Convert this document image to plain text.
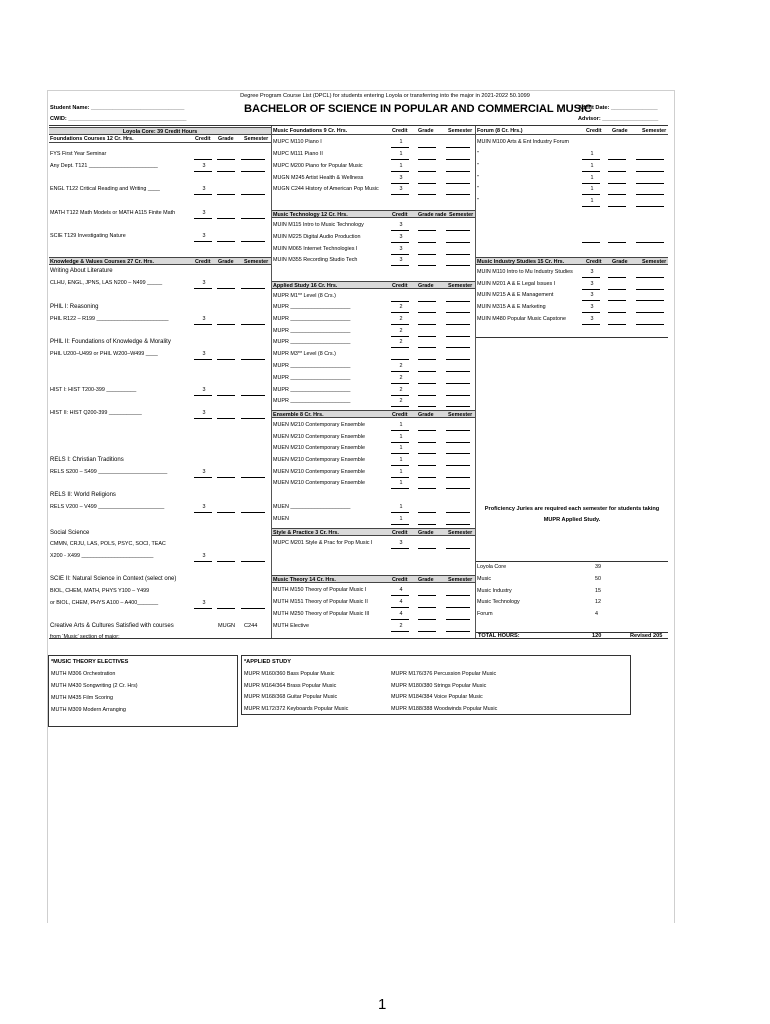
Degree Program Course List (DPCL) for students entering Loyola or transferring into the major in 2021-2022 50.1099
Student Name: ______________________________
CWID: ______________________________________
BACHELOR OF SCIENCE IN POPULAR AND COMMERCIAL MUSIC
Admit Date: _______________
Advisor: __________________
Loyola Core: 39 Credit Hours
Foundations Courses 12 Cr. Hrs.	Credit Grade Semester
Knowledge & Values Courses 27 Cr. Hrs.	Credit Grade Semester
FYS First Year Seminar
Any Dept. T121 _______________________	3
ENGL T122 Critical Reading and Writing ____	3
MATH T122 Math Models or MATH A115 Finite Math	3
SCIE T129 Investigating Nature	3
Writing About Literature
CLHU, ENGL, JPNS, LAS N200 – N499 _____	3
PHIL I: Reasoning
PHIL R122 – R199 ________________________	3
PHIL II: Foundations of Knowledge & Morality
PHIL U200–U499 or PHIL W200–W499 ____	3
HIST I: HIST T200-399 __________	3
HIST II: HIST Q200-399 ___________	3
RELS I: Christian Traditions
RELS S200 – S499 _______________________	3
RELS II: World Religions
RELS V200 – V499 ______________________	3
Social Science
CMMN, CRJU, LAS, POLS, PSYC, SOCI, TEAC
X200 - X499 ________________________	3
SCIE II: Natural Science in Context (select one)
BIOL, CHEM, MATH, PHYS Y100 – Y499
or BIOL, CHEM, PHYS A100 – A400_______	3
Creative Arts & Cultures Satisfied with courses
from ‘Music’ section of major:
Music Foundations 9 Cr. Hrs.	Credit Grade	Semester
Music Technology 12 Cr. Hrs.	Credit Grade rade Semester
Applied Study 16 Cr. Hrs.	Credit Grade	Semester
Ensemble 8 Cr. Hrs.	Credit Grade	Semester
Style & Practice 3 Cr. Hrs.	Credit Grade	Semester
Music Theory 14 Cr. Hrs.	Credit Grade	Semester
MUPC M110 Piano I	1
MUPC M111 Piano II	1
MUPC M200 Piano for Popular Music	1
MUGN M245 Artist Health & Wellness	3
MUGN C244 History of American Pop Music	3
MUIN M115 Intro to Music Technology	3
MUIN M225 Digital Audio Production	3
MUIN M065 Internet Technologies I	3
MUIN M355 Recording Studio Tech	3
MUPR M1** Level (8 Crs.)
MUPR ____________________	2
MUPR ____________________	2
MUPR ____________________	2
MUPR ____________________	2
MUPR M3** Level (8 Crs.)
MUPR ____________________	2
MUPR ____________________	2
MUPR ____________________	2
MUPR ____________________	2
MUEN M210 Contemporary Ensemble	1
MUEN M210 Contemporary Ensemble	1
MUEN M210 Contemporary Ensemble	1
MUEN M210 Contemporary Ensemble	1
MUEN M210 Contemporary Ensemble	1
MUEN M210 Contemporary Ensemble	1
MUEN ____________________	1
MUEN	1
MUPC M201 Style & Prac for Pop Music I	3
MUTH M150 Theory of Popular Music I	4
MUTH M151 Theory of Popular Music II	4
MUTH M250 Theory of Popular Music III	4
MUTH Elective	2
Forum (8 Cr. Hrs.)	Credit Grade	Semester
Music Industry Studies 15 Cr. Hrs.	Credit Grade	Semester
MUIN M100 Arts & Ent Industry Forum
"	1
"	1
"	1
"	1
"	1
MUIN M110 Intro to Mu Industry Studies	3
MUIN M201 A & E Legal Issues I	3
MUIN M215 A & E Management	3
MUIN M315 A & E Marketing	3
MUIN M480 Popular Music Capstone	3
Proficiency Juries are required each semester for students taking MUPR Applied Study.
Loyola Core	39
Music	50
Music Industry	15
Music Technology	12
Forum	4
TOTAL HOURS:	120	Revised 205
MUGN C244
*MUSIC THEORY ELECTIVES
MUTH M306 Orchestration
MUTH M430 Songwriting (2 Cr. Hrs)
MUTH M435 Film Scoring
MUTH M309 Modern Arranging
*APPLIED STUDY
MUPR M160/360 Bass Popular Music
MUPR M164/364 Brass Popular Music
MUPR M168/368 Guitar Popular Music
MUPR M172/372 Keyboards Popular Music
MUPR M176/376 Percussion Popular Music
MUPR M180/380 Strings Popular Music
MUPR M184/384 Voice Popular Music
MUPR M188/388 Woodwinds Popular Music
1
